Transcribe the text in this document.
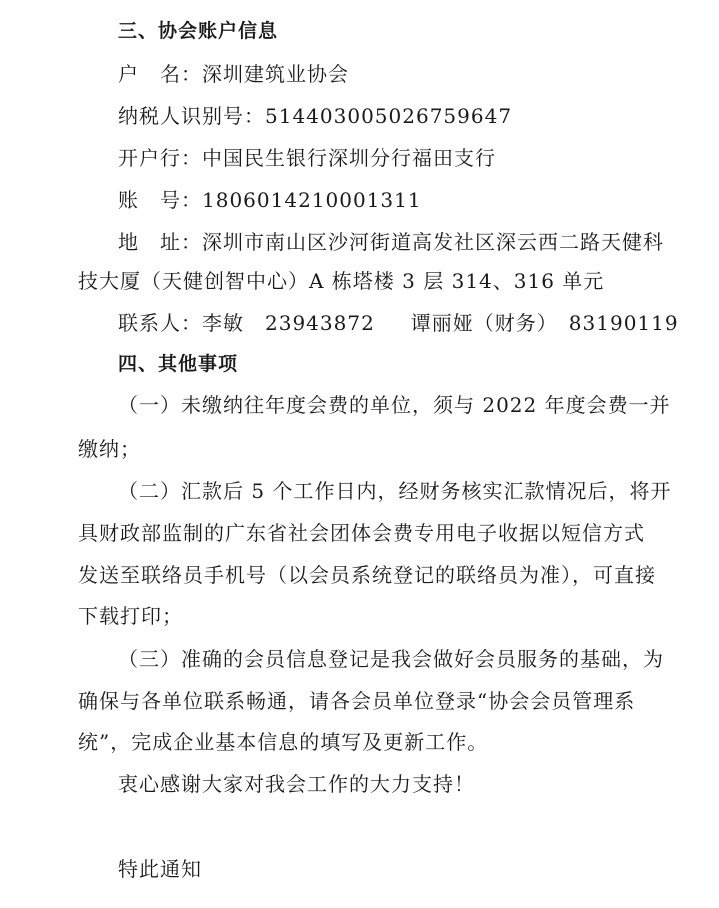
三、协会账户信息

户　名：深圳建筑业协会

纳税人识别号：514403005026759647

开户行：中国民生银行深圳分行福田支行

账　号：1806014210001311

地　址：深圳市南山区沙河街道高发社区深云西二路天健科

技大厦（天健创智中心）A 栋塔楼 3 层 314、316 单元

联系人：李敏　23943872 谭丽娅（财务）　83190119

四、其他事项

（一）未缴纳往年度会费的单位，须与 2022 年度会费一并

缴纳；

（二）汇款后 5 个工作日内，经财务核实汇款情况后，将开

具财政部监制的广东省社会团体会费专用电子收据以短信方式

发送至联络员手机号（以会员系统登记的联络员为准），可直接

下载打印；

（三）准确的会员信息登记是我会做好会员服务的基础，为

确保与各单位联系畅通，请各会员单位登录“协会会员管理系

统”，完成企业基本信息的填写及更新工作。

衷心感谢大家对我会工作的大力支持！

特此通知
